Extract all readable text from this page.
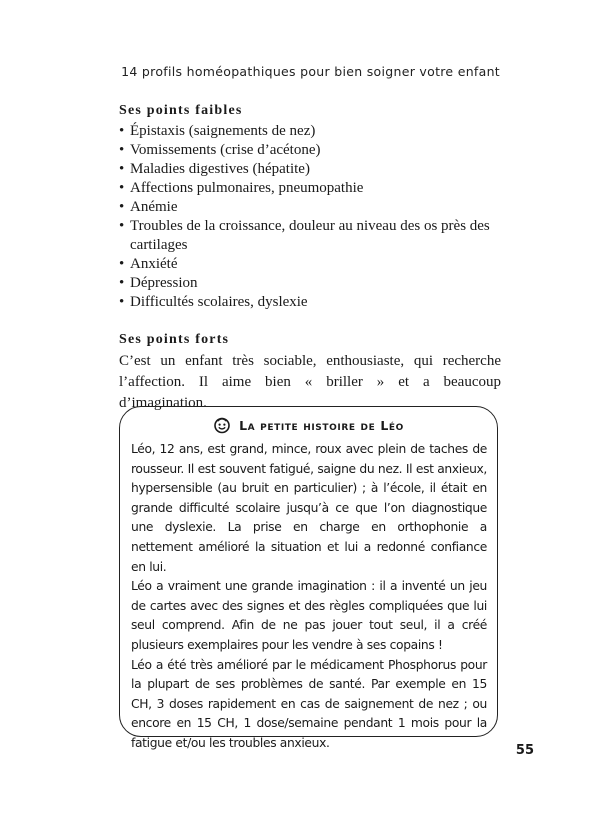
14 profils homéopathiques pour bien soigner votre enfant
Ses points faibles
• Épistaxis (saignements de nez)
• Vomissements (crise d’acétone)
• Maladies digestives (hépatite)
• Affections pulmonaires, pneumopathie
• Anémie
• Troubles de la croissance, douleur au niveau des os près des cartilages
• Anxiété
• Dépression
• Difficultés scolaires, dyslexie
Ses points forts

C’est un enfant très sociable, enthousiaste, qui recherche l’affection. Il aime bien « briller » et a beaucoup d’imagination.

La petite histoire de Léo

Léo, 12 ans, est grand, mince, roux avec plein de taches de rousseur. Il est souvent fatigué, saigne du nez. Il est anxieux, hypersensible (au bruit en particulier) ; à l’école, il était en grande difficulté scolaire jusqu’à ce que l’on diagnostique une dyslexie. La prise en charge en orthophonie a nettement amélioré la situation et lui a redonné confiance en lui.

Léo a vraiment une grande imagination : il a inventé un jeu de cartes avec des signes et des règles compliquées que lui seul comprend. Afin de ne pas jouer tout seul, il a créé plusieurs exemplaires pour les vendre à ses copains !

Léo a été très amélioré par le médicament Phosphorus pour la plupart de ses problèmes de santé. Par exemple en 15 CH, 3 doses rapidement en cas de saignement de nez ; ou encore en 15 CH, 1 dose/semaine pendant 1 mois pour la fatigue et/ou les troubles anxieux.

55
